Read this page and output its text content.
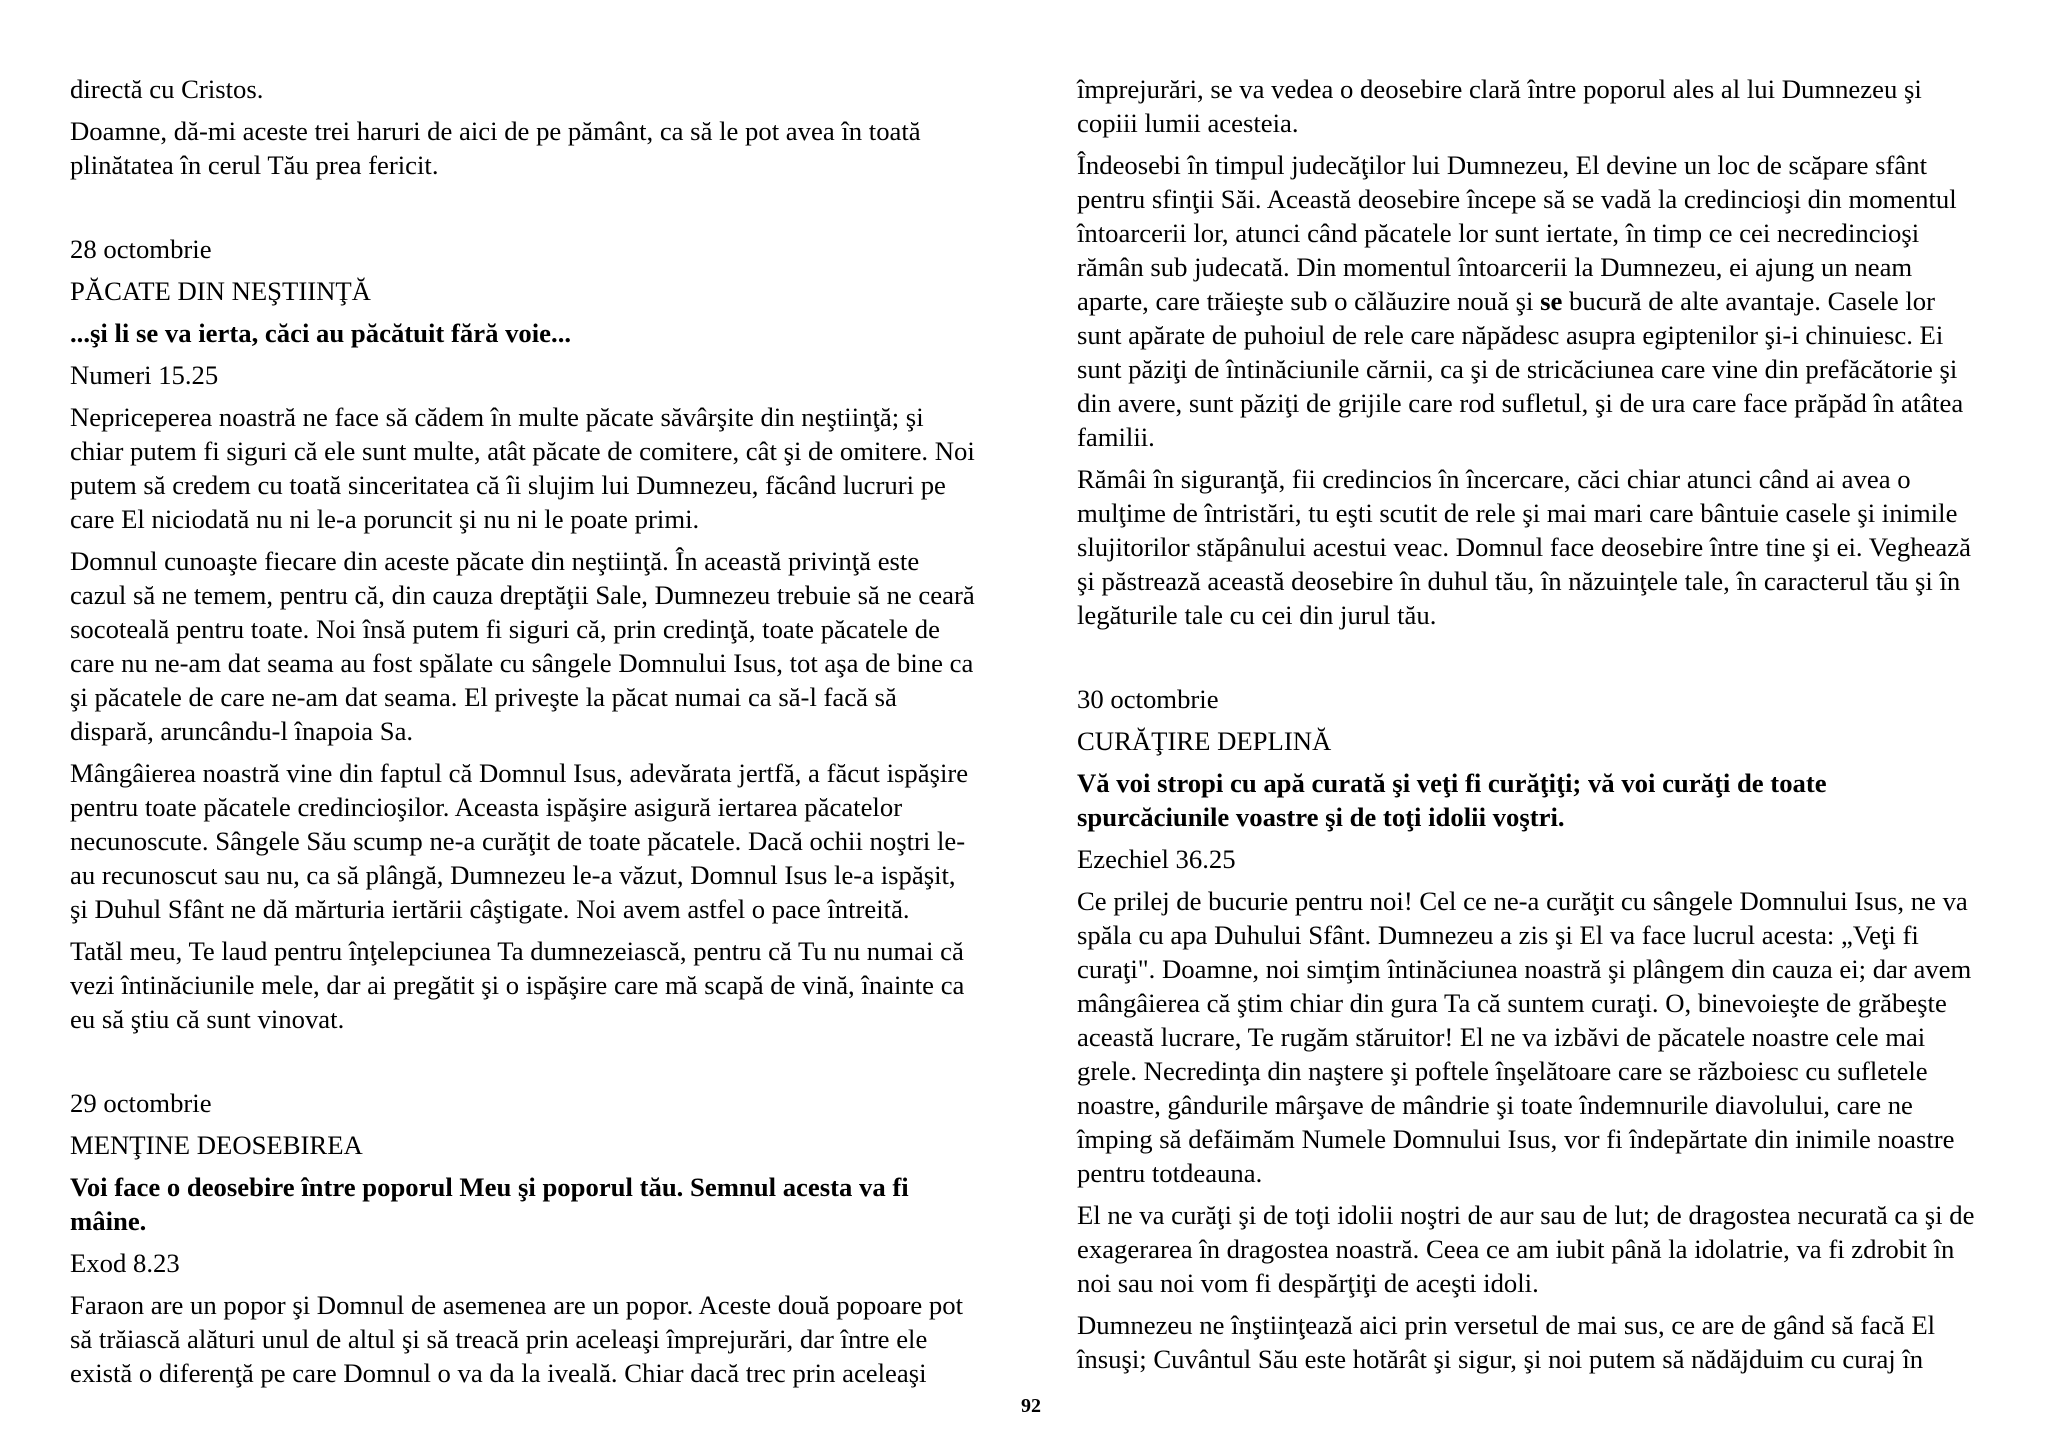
directă cu Cristos.

Doamne, dă-mi aceste trei haruri de aici de pe pământ, ca să le pot avea în toată
plinătatea în cerul Tău prea fericit.

28 octombrie

PĂCATE DIN NEŞTIINŢĂ

...şi li se va ierta, căci au păcătuit fără voie...

Numeri 15.25

Nepriceperea noastră ne face să cădem în multe păcate săvârşite din neştiinţă; şi
chiar putem fi siguri că ele sunt multe, atât păcate de comitere, cât şi de omitere. Noi
putem să credem cu toată sinceritatea că îi slujim lui Dumnezeu, făcând lucruri pe
care El niciodată nu ni le-a poruncit şi nu ni le poate primi.

Domnul cunoaşte fiecare din aceste păcate din neştiinţă. În această privinţă este
cazul să ne temem, pentru că, din cauza dreptăţii Sale, Dumnezeu trebuie să ne ceară
socoteală pentru toate. Noi însă putem fi siguri că, prin credinţă, toate păcatele de
care nu ne-am dat seama au fost spălate cu sângele Domnului Isus, tot aşa de bine ca
şi păcatele de care ne-am dat seama. El priveşte la păcat numai ca să-l facă să
dispară, aruncându-l înapoia Sa.

Mângâierea noastră vine din faptul că Domnul Isus, adevărata jertfă, a făcut ispăşire
pentru toate păcatele credincioşilor. Aceasta ispăşire asigură iertarea păcatelor
necunoscute. Sângele Său scump ne-a curăţit de toate păcatele. Dacă ochii noştri le-
au recunoscut sau nu, ca să plângă, Dumnezeu le-a văzut, Domnul Isus le-a ispăşit,
şi Duhul Sfânt ne dă mărturia iertării câştigate. Noi avem astfel o pace întreită.

Tatăl meu, Te laud pentru înţelepciunea Ta dumnezeiască, pentru că Tu nu numai că
vezi întinăciunile mele, dar ai pregătit şi o ispăşire care mă scapă de vină, înainte ca
eu să ştiu că sunt vinovat.

29 octombrie

MENŢINE DEOSEBIREA

Voi face o deosebire între poporul Meu şi poporul tău. Semnul acesta va fi
mâine.

Exod 8.23

Faraon are un popor şi Domnul de asemenea are un popor. Aceste două popoare pot
să trăiască alături unul de altul şi să treacă prin aceleaşi împrejurări, dar între ele
există o diferenţă pe care Domnul o va da la iveală. Chiar dacă trec prin aceleaşi

împrejurări, se va vedea o deosebire clară între poporul ales al lui Dumnezeu şi
copiii lumii acesteia.

Îndeosebi în timpul judecăţilor lui Dumnezeu, El devine un loc de scăpare sfânt
pentru sfinţii Săi. Această deosebire începe să se vadă la credincioşi din momentul
întoarcerii lor, atunci când păcatele lor sunt iertate, în timp ce cei necredincioşi
rămân sub judecată. Din momentul întoarcerii la Dumnezeu, ei ajung un neam
aparte, care trăieşte sub o călăuzire nouă şi se bucură de alte avantaje. Casele lor
sunt apărate de puhoiul de rele care năpădesc asupra egiptenilor şi-i chinuiesc. Ei
sunt păziţi de întinăciunile cărnii, ca şi de stricăciunea care vine din prefăcătorie şi
din avere, sunt păziţi de grijile care rod sufletul, şi de ura care face prăpăd în atâtea
familii.

Rămâi în siguranţă, fii credincios în încercare, căci chiar atunci când ai avea o
mulţime de întristări, tu eşti scutit de rele şi mai mari care bântuie casele şi inimile
slujitorilor stăpânului acestui veac. Domnul face deosebire între tine şi ei. Veghează
şi păstrează această deosebire în duhul tău, în năzuinţele tale, în caracterul tău şi în
legăturile tale cu cei din jurul tău.

30 octombrie

CURĂŢIRE DEPLINĂ

Vă voi stropi cu apă curată şi veţi fi curăţiţi; vă voi curăţi de toate
spurcăciunile voastre şi de toţi idolii voştri.

Ezechiel 36.25

Ce prilej de bucurie pentru noi! Cel ce ne-a curăţit cu sângele Domnului Isus, ne va
spăla cu apa Duhului Sfânt. Dumnezeu a zis şi El va face lucrul acesta: „Veţi fi
curaţi". Doamne, noi simţim întinăciunea noastră şi plângem din cauza ei; dar avem
mângâierea că ştim chiar din gura Ta că suntem curaţi. O, binevoieşte de grăbeşte
această lucrare, Te rugăm stăruitor! El ne va izbăvi de păcatele noastre cele mai
grele. Necredinţa din naştere şi poftele înşelătoare care se războiesc cu sufletele
noastre, gândurile mârşave de mândrie şi toate îndemnurile diavolului, care ne
împing să defăimăm Numele Domnului Isus, vor fi îndepărtate din inimile noastre
pentru totdeauna.

El ne va curăţi şi de toţi idolii noştri de aur sau de lut; de dragostea necurată ca şi de
exagerarea în dragostea noastră. Ceea ce am iubit până la idolatrie, va fi zdrobit în
noi sau noi vom fi despărţiţi de aceşti idoli.

Dumnezeu ne înştiinţează aici prin versetul de mai sus, ce are de gând să facă El
însuşi; Cuvântul Său este hotărât şi sigur, şi noi putem să nădăjduim cu curaj în

92
